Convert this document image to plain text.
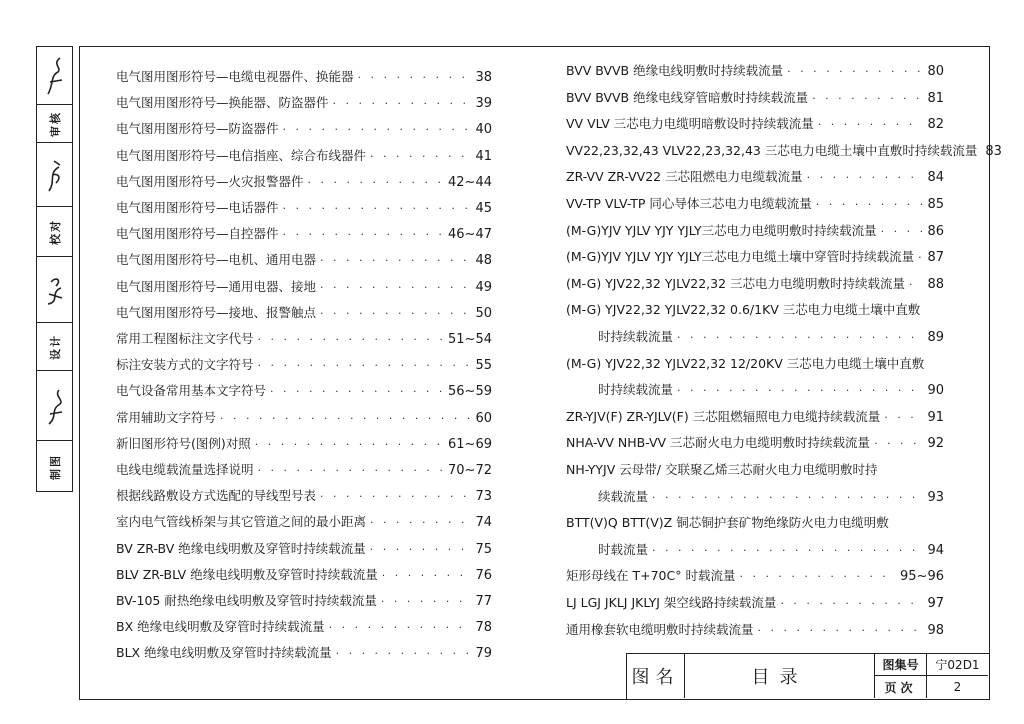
审核
校对
设计
制图
电气图用图形符号—电缆电视器件、换能器 · · ·	38
电气图用图形符号—换能器、防盗器件 · · ·	39
电气图用图形符号—防盗器件 · · ·	40
电气图用图形符号—电信指座、综合布线器件 · · ·	41
电气图用图形符号—火灾报警器件 · · ·	42~44
电气图用图形符号—电话器件 · · ·	45
电气图用图形符号—自控器件 · · ·	46~47
电气图用图形符号—电机、通用电器 · · ·	48
电气图用图形符号—通用电器、接地 · · ·	49
电气图用图形符号—接地、报警触点 · · ·	50
常用工程图标注文字代号 · · ·	51~54
标注安装方式的文字符号 · · ·	55
电气设备常用基本文字符号 · · ·	56~59
常用辅助文字符号 · · ·	60
新旧图形符号(图例)对照 · · ·	61~69
电线电缆载流量选择说明 · · ·	70~72
根据线路敷设方式选配的导线型号表 · · ·	73
室内电气管线桥架与其它管道之间的最小距离 · · ·	74
BV ZR-BV 绝缘电线明敷及穿管时持续载流量 · · ·	75
BLV ZR-BLV 绝缘电线明敷及穿管时持续载流量 · · ·	76
BV-105 耐热绝缘电线明敷及穿管时持续载流量 · · ·	77
BX 绝缘电线明敷及穿管时持续载流量 · · ·	78
BLX 绝缘电线明敷及穿管时持续载流量 · · ·	79
BVV BVVB 绝缘电线明敷时持续载流量 · · ·	80
BVV BVVB 绝缘电线穿管暗敷时持续载流量 · · ·	81
VV VLV 三芯电力电缆明暗敷设时持续载流量 · · ·	82
VV22,23,32,43 VLV22,23,32,43 三芯电力电缆土壤中直敷时持续载流量 83
ZR-VV ZR-VV22 三芯阻燃电力电缆载流量 · · ·	84
VV-TP VLV-TP 同心导体三芯电力电缆载流量 · · ·	85
(M-G)YJV YJLV YJY YJLY三芯电力电缆明敷时持续载流量 · · ·	86
(M-G)YJV YJLV YJY YJLY三芯电力电缆土壤中穿管时持续载流量 · · · 87
(M-G) YJV22,32 YJLV22,32 三芯电力电缆明敷时持续载流量 · · · 88
(M-G) YJV22,32 YJLV22,32 0.6/1KV 三芯电力电缆土壤中直敷
时持续载流量 · · ·	89
(M-G) YJV22,32 YJLV22,32 12/20KV 三芯电力电缆土壤中直敷
时持续载流量 · · ·	90
ZR-YJV(F) ZR-YJLV(F) 三芯阻燃辐照电力电缆持续载流量 · · ·	91
NHA-VV NHB-VV 三芯耐火电力电缆明敷时持续载流量 · · ·	92
NH-YYJV 云母带/ 交联聚乙烯三芯耐火电力电缆明敷时持
续载流量 · · ·	93
BTT(V)Q BTT(V)Z 铜芯铜护套矿物绝缘防火电力电缆明敷
时载流量 · · ·	94
矩形母线在 T+70C° 时载流量 · · ·	95~96
LJ LGJ JKLJ JKLYJ 架空线路持续载流量 · · ·	97
通用橡套软电缆明敷时持续载流量 · · ·	98
图名	目录
图集号	宁02D1
页次	2
